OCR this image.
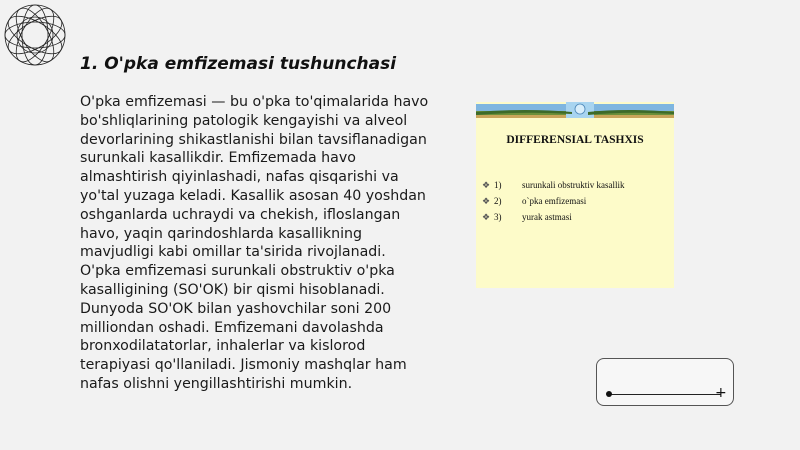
1. O'pka emfizemasi tushunchasi

O'pka emfizemasi — bu o'pka to'qimalarida havo bo'shliqlarining patologik kengayishi va alveol devorlarining shikastlanishi bilan tavsiflanadigan surunkali kasallikdir. Emfizemada havo almashtirish qiyinlashadi, nafas qisqarishi va yo'tal yuzaga keladi. Kasallik asosan 40 yoshdan oshganlarda uchraydi va chekish, ifloslangan havo, yaqin qarindoshlarda kasallikning mavjudligi kabi omillar ta'sirida rivojlanadi. O'pka emfizemasi surunkali obstruktiv o'pka kasalligining (SO'OK) bir qismi hisoblanadi. Dunyoda SO'OK bilan yashovchilar soni 200 milliondan oshadi. Emfizemani davolashda bronxodilatatorlar, inhalerlar va kislorod terapiyasi qo'llaniladi. Jismoniy mashqlar ham nafas olishni yengillashtirishi mumkin.

DIFFERENSIAL TASHXIS
❖ 1) surunkali obstruktiv kasallik
❖ 2) o`pka emfizemasi
❖ 3) yurak astmasi
+
